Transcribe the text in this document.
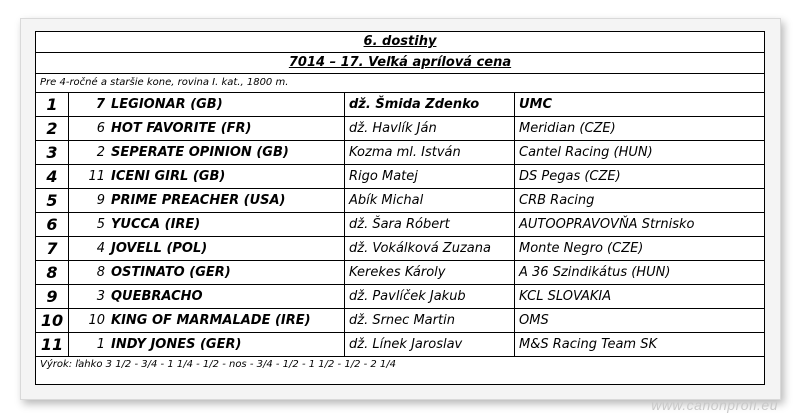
6. dostihy
7014 – 17. Veľká aprílová cena
Pre 4-ročné a staršie kone, rovina I. kat., 1800 m.
1	7	LEGIONAR (GB)	dž. Šmida Zdenko	UMC
2	6	HOT FAVORITE (FR)	dž. Havlík Ján	Meridian (CZE)
3	2	SEPERATE OPINION (GB)	Kozma ml. István	Cantel Racing (HUN)
4	11	ICENI GIRL (GB)	Rigo Matej	DS Pegas (CZE)
5	9	PRIME PREACHER (USA)	Abík Michal	CRB Racing
6	5	YUCCA (IRE)	dž. Šara Róbert	AUTOOPRAVOVŇA Strnisko
7	4	JOVELL (POL)	dž. Vokálková Zuzana	Monte Negro (CZE)
8	8	OSTINATO (GER)	Kerekes Károly	A 36 Szindikátus (HUN)
9	3	QUEBRACHO	dž. Pavlíček Jakub	KCL SLOVAKIA
10	10	KING OF MARMALADE (IRE)	dž. Srnec Martin	OMS
11	1	INDY JONES (GER)	dž. Línek Jaroslav	M&S Racing Team SK
Výrok: ľahko 3 1/2 - 3/4 - 1 1/4 - 1/2 - nos - 3/4 - 1/2 - 1 1/2 - 1/2 - 2 1/4
www.canonprofi.eu
